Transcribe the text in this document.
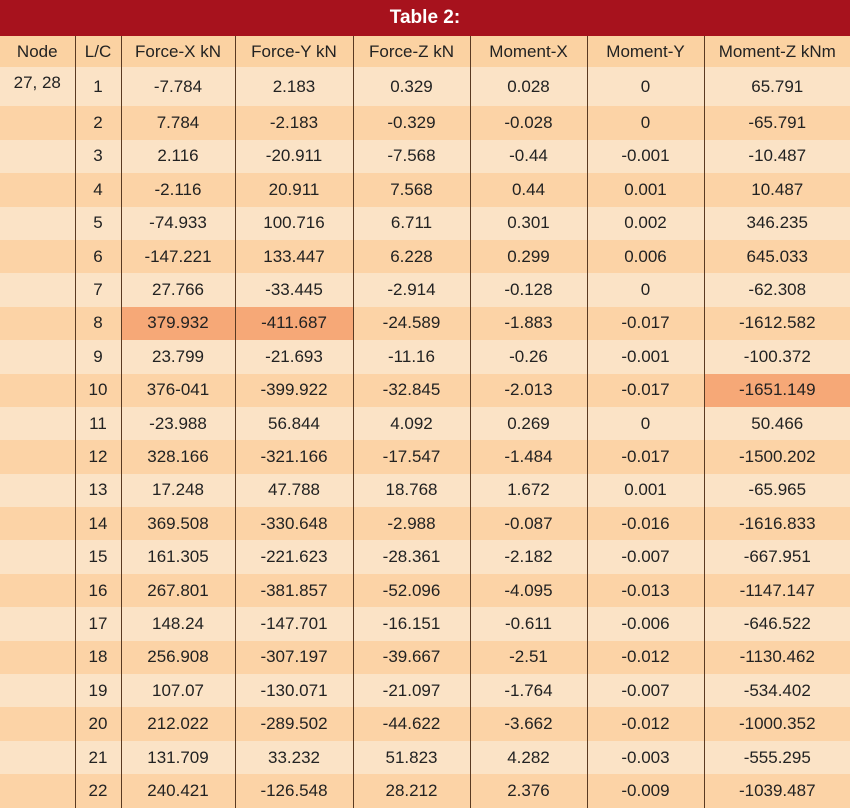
Table 2:
Node	L/C	Force-X kN	Force-Y kN	Force-Z kN	Moment-X	Moment-Y	Moment-Z kNm
27, 28	1	-7.784	2.183	0.329	0.028	0	65.791
	2	7.784	-2.183	-0.329	-0.028	0	-65.791
	3	2.116	-20.911	-7.568	-0.44	-0.001	-10.487
	4	-2.116	20.911	7.568	0.44	0.001	10.487
	5	-74.933	100.716	6.711	0.301	0.002	346.235
	6	-147.221	133.447	6.228	0.299	0.006	645.033
	7	27.766	-33.445	-2.914	-0.128	0	-62.308
	8	379.932	-411.687	-24.589	-1.883	-0.017	-1612.582
	9	23.799	-21.693	-11.16	-0.26	-0.001	-100.372
	10	376-041	-399.922	-32.845	-2.013	-0.017	-1651.149
	11	-23.988	56.844	4.092	0.269	0	50.466
	12	328.166	-321.166	-17.547	-1.484	-0.017	-1500.202
	13	17.248	47.788	18.768	1.672	0.001	-65.965
	14	369.508	-330.648	-2.988	-0.087	-0.016	-1616.833
	15	161.305	-221.623	-28.361	-2.182	-0.007	-667.951
	16	267.801	-381.857	-52.096	-4.095	-0.013	-1147.147
	17	148.24	-147.701	-16.151	-0.611	-0.006	-646.522
	18	256.908	-307.197	-39.667	-2.51	-0.012	-1130.462
	19	107.07	-130.071	-21.097	-1.764	-0.007	-534.402
	20	212.022	-289.502	-44.622	-3.662	-0.012	-1000.352
	21	131.709	33.232	51.823	4.282	-0.003	-555.295
	22	240.421	-126.548	28.212	2.376	-0.009	-1039.487
